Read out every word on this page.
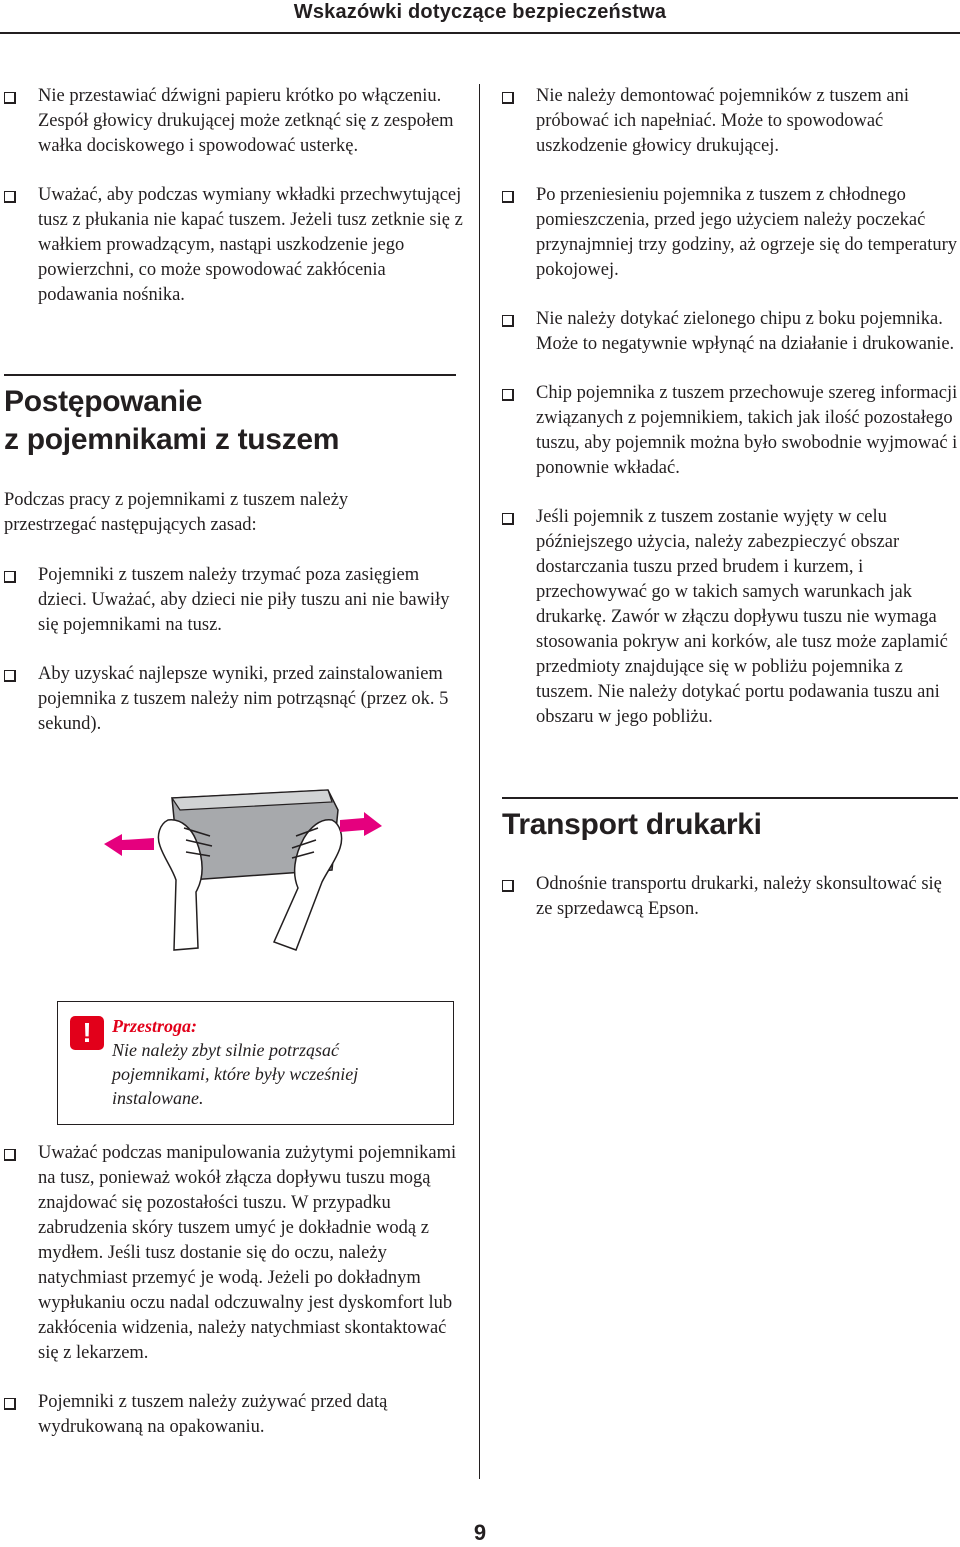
Wskazówki dotyczące bezpieczeństwa
Nie przestawiać dźwigni papieru krótko po włączeniu. Zespół głowicy drukującej może zetknąć się z zespołem wałka dociskowego i spowodować usterkę.
Uważać, aby podczas wymiany wkładki przechwytującej tusz z płukania nie kapać tuszem. Jeżeli tusz zetknie się z wałkiem prowadzącym, nastąpi uszkodzenie jego powierzchni, co może spowodować zakłócenia podawania nośnika.
Postępowanie
z pojemnikami z tuszem
Podczas pracy z pojemnikami z tuszem należy przestrzegać następujących zasad:
Pojemniki z tuszem należy trzymać poza zasięgiem dzieci. Uważać, aby dzieci nie piły tuszu ani nie bawiły się pojemnikami na tusz.
Aby uzyskać najlepsze wyniki, przed zainstalowaniem pojemnika z tuszem należy nim potrząsnąć (przez ok. 5 sekund).
!	Przestroga:
Nie należy zbyt silnie potrząsać pojemnikami, które były wcześniej instalowane.
Uważać podczas manipulowania zużytymi pojemnikami na tusz, ponieważ wokół złącza dopływu tuszu mogą znajdować się pozostałości tuszu. W przypadku zabrudzenia skóry tuszem umyć je dokładnie wodą z mydłem. Jeśli tusz dostanie się do oczu, należy natychmiast przemyć je wodą. Jeżeli po dokładnym wypłukaniu oczu nadal odczuwalny jest dyskomfort lub zakłócenia widzenia, należy natychmiast skontaktować się z lekarzem.
Pojemniki z tuszem należy zużywać przed datą wydrukowaną na opakowaniu.
Nie należy demontować pojemników z tuszem ani próbować ich napełniać. Może to spowodować uszkodzenie głowicy drukującej.
Po przeniesieniu pojemnika z tuszem z chłodnego pomieszczenia, przed jego użyciem należy poczekać przynajmniej trzy godziny, aż ogrzeje się do temperatury pokojowej.
Nie należy dotykać zielonego chipu z boku pojemnika. Może to negatywnie wpłynąć na działanie i drukowanie.
Chip pojemnika z tuszem przechowuje szereg informacji związanych z pojemnikiem, takich jak ilość pozostałego tuszu, aby pojemnik można było swobodnie wyjmować i ponownie wkładać.
Jeśli pojemnik z tuszem zostanie wyjęty w celu późniejszego użycia, należy zabezpieczyć obszar dostarczania tuszu przed brudem i kurzem, i przechowywać go w takich samych warunkach jak drukarkę. Zawór w złączu dopływu tuszu nie wymaga stosowania pokryw ani korków, ale tusz może zaplamić przedmioty znajdujące się w pobliżu pojemnika z tuszem. Nie należy dotykać portu podawania tuszu ani obszaru w jego pobliżu.
Transport drukarki
Odnośnie transportu drukarki, należy skonsultować się ze sprzedawcą Epson.
9
